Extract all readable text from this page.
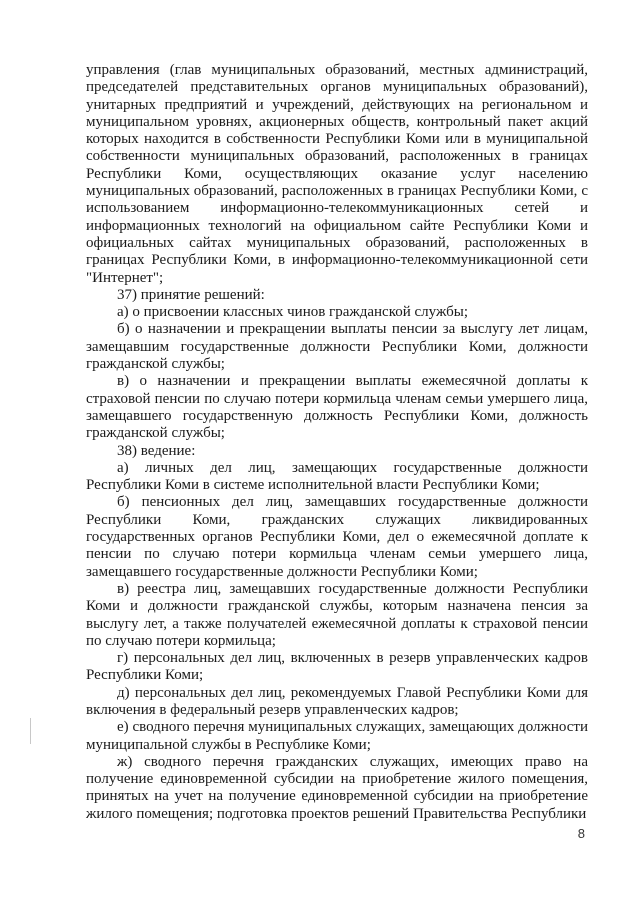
управления (глав муниципальных образований, местных администраций, председателей представительных органов муниципальных образований), унитарных предприятий и учреждений, действующих на региональном и муниципальном уровнях, акционерных обществ, контрольный пакет акций которых находится в собственности Республики Коми или в муниципальной собственности муниципальных образований, расположенных в границах Республики Коми, осуществляющих оказание услуг населению муниципальных образований, расположенных в границах Республики Коми, с использованием информационно-телекоммуникационных сетей и информационных технологий на официальном сайте Республики Коми и официальных сайтах муниципальных образований, расположенных в границах Республики Коми, в информационно-телекоммуникационной сети "Интернет";

37) принятие решений:

а) о присвоении классных чинов гражданской службы;

б) о назначении и прекращении выплаты пенсии за выслугу лет лицам, замещавшим государственные должности Республики Коми, должности гражданской службы;

в) о назначении и прекращении выплаты ежемесячной доплаты к страховой пенсии по случаю потери кормильца членам семьи умершего лица, замещавшего государственную должность Республики Коми, должность гражданской службы;

38) ведение:

а) личных дел лиц, замещающих государственные должности Республики Коми в системе исполнительной власти Республики Коми;

б) пенсионных дел лиц, замещавших государственные должности Республики Коми, гражданских служащих ликвидированных государственных органов Республики Коми, дел о ежемесячной доплате к пенсии по случаю потери кормильца членам семьи умершего лица, замещавшего государственные должности Республики Коми;

в) реестра лиц, замещавших государственные должности Республики Коми и должности гражданской службы, которым назначена пенсия за выслугу лет, а также получателей ежемесячной доплаты к страховой пенсии по случаю потери кормильца;

г) персональных дел лиц, включенных в резерв управленческих кадров Республики Коми;

д) персональных дел лиц, рекомендуемых Главой Республики Коми для включения в федеральный резерв управленческих кадров;

е) сводного перечня муниципальных служащих, замещающих должности муниципальной службы в Республике Коми;

ж) сводного перечня гражданских служащих, имеющих право на получение единовременной субсидии на приобретение жилого помещения, принятых на учет на получение единовременной субсидии на приобретение жилого помещения; подготовка проектов решений Правительства Республики

8
